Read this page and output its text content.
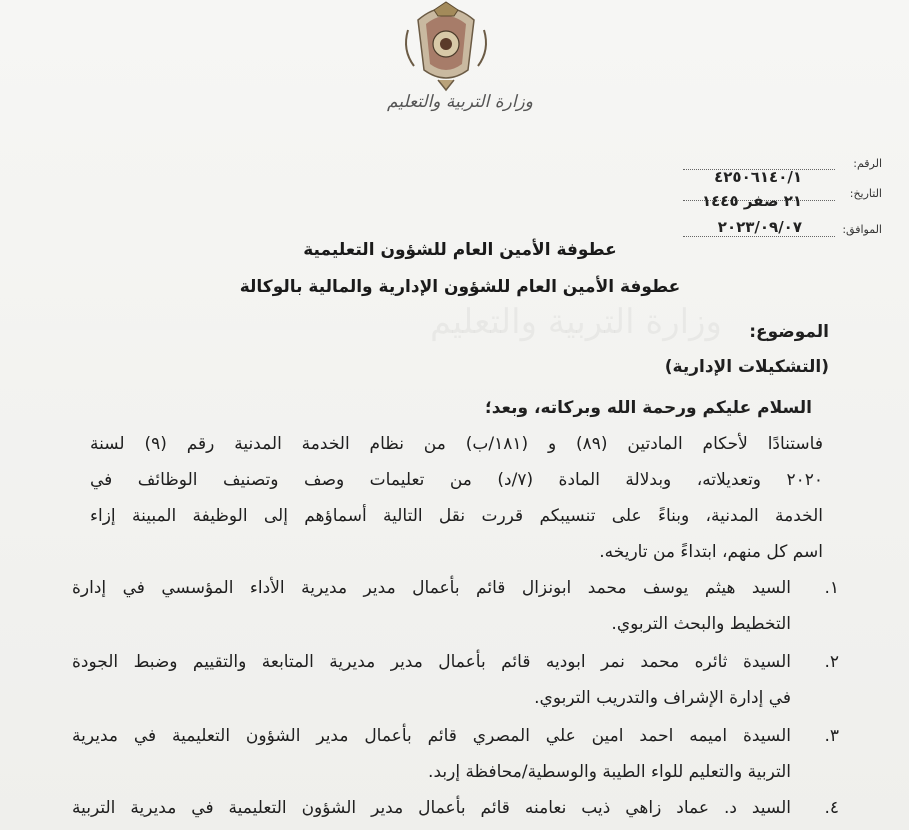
وزارة التربية والتعليم
الرقم:
٤٢٥٠٦١٤٠/١
التاريخ:
٢١ صفر ١٤٤٥
الموافق:
٢٠٢٣/٠٩/٠٧
عطوفة الأمين العام للشؤون التعليمية
عطوفة الأمين العام للشؤون الإدارية والمالية بالوكالة
الموضوع:
(التشكيلات الإدارية)
السلام عليكم ورحمة الله وبركاته، وبعد؛
فاستنادًا لأحكام المادتين (٨٩) و (١٨١/ب) من نظام الخدمة المدنية رقم (٩) لسنة
٢٠٢٠ وتعديلاته، وبدلالة المادة (٧/د) من تعليمات وصف وتصنيف الوظائف في
الخدمة المدنية، وبناءً على تنسيبكم قررت نقل التالية أسماؤهم إلى الوظيفة المبينة إزاء
اسم كل منهم، ابتداءً من تاريخه.
١.
السيد هيثم يوسف محمد ابونزال قائم بأعمال مدير مديرية الأداء المؤسسي في إدارة
التخطيط والبحث التربوي.
٢.
السيدة ثائره محمد نمر ابوديه قائم بأعمال مدير مديرية المتابعة والتقييم وضبط الجودة
في إدارة الإشراف والتدريب التربوي.
٣.
السيدة اميمه احمد امين علي المصري قائم بأعمال مدير الشؤون التعليمية في مديرية
التربية والتعليم للواء الطيبة والوسطية/محافظة إربد.
٤.
السيد د. عماد زاهي ذيب نعامنه قائم بأعمال مدير الشؤون التعليمية في مديرية التربية
